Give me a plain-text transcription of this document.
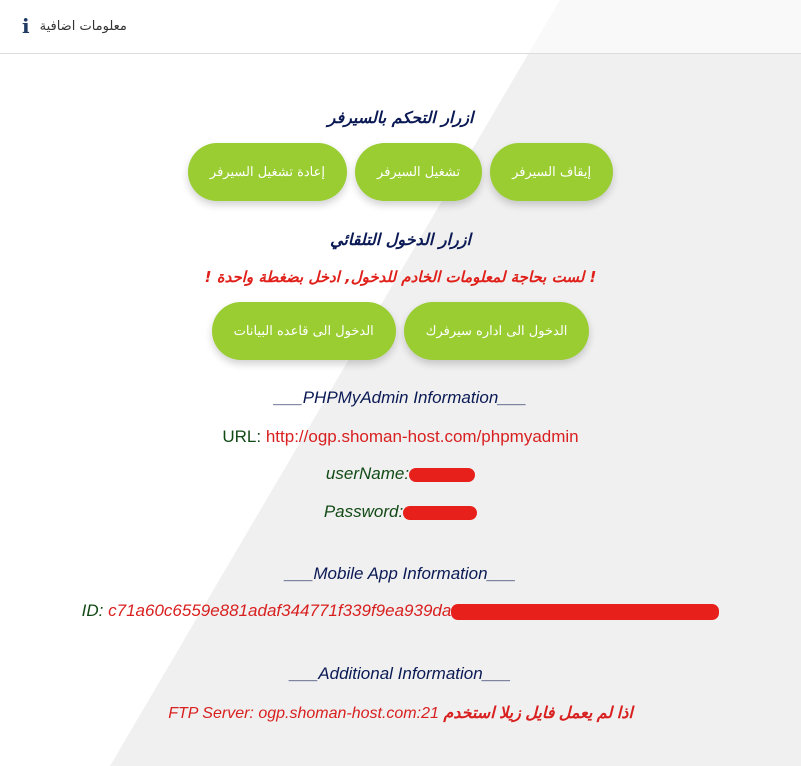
i معلومات اضافية
ازرار التحكم بالسيرفر
إيقاف السيرفر
تشغيل السيرفر
إعادة تشغيل السيرفر
ازرار الدخول التلقائي
! لست بحاجة لمعلومات الخادم للدخول, ادخل بضغطة واحدة !
الدخول الى اداره سيرفرك
الدخول الى قاعده البيانات
___PHPMyAdmin Information___
URL: http://ogp.shoman-host.com/phpmyadmin
userName:
Password:
___Mobile App Information___
ID: c71a60c6559e881adaf344771f339f9ea939da
___Additional Information___
FTP Server: ogp.shoman-host.com:21 اذا لم يعمل فايل زيلا استخدم
